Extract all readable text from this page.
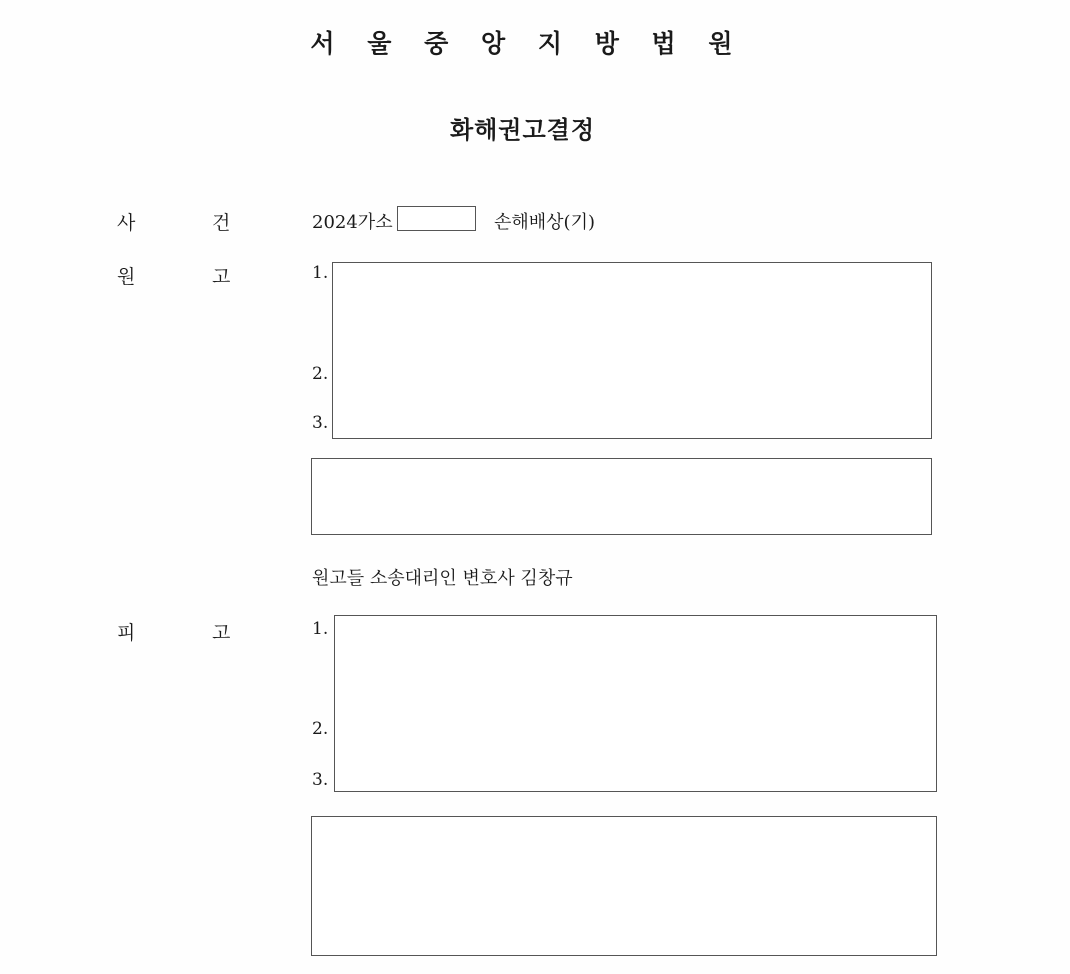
서 울 중 앙 지 방 법 원
화해권고결정
사	건	2024가소	손해배상(기)
원	고	1.
2.
3.
원고들 소송대리인 변호사 김창규
피	고	1.
2.
3.
